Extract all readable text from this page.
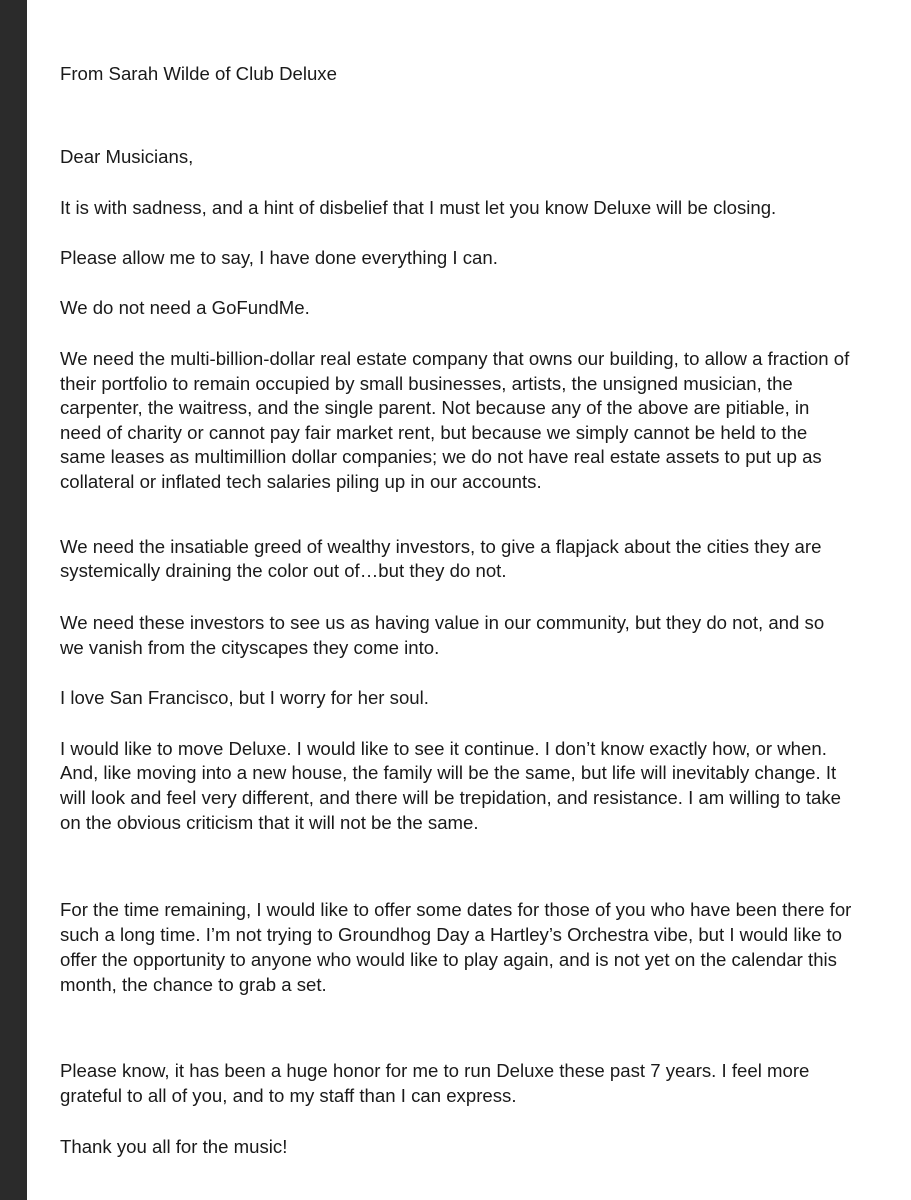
From Sarah Wilde of Club Deluxe
Dear Musicians,
It is with sadness, and a hint of disbelief that I must let you know Deluxe will be closing.
Please allow me to say, I have done everything I can.
We do not need a GoFundMe.
We need the multi-billion-dollar real estate company that owns our building, to allow a fraction of
their portfolio to remain occupied by small businesses, artists, the unsigned musician, the
carpenter, the waitress, and the single parent. Not because any of the above are pitiable, in
need of charity or cannot pay fair market rent, but because we simply cannot be held to the
same leases as multimillion dollar companies; we do not have real estate assets to put up as
collateral or inflated tech salaries piling up in our accounts.
We need the insatiable greed of wealthy investors, to give a flapjack about the cities they are
systemically draining the color out of…but they do not.
We need these investors to see us as having value in our community, but they do not, and so
we vanish from the cityscapes they come into.
I love San Francisco, but I worry for her soul.
I would like to move Deluxe. I would like to see it continue. I don’t know exactly how, or when.
And, like moving into a new house, the family will be the same, but life will inevitably change. It
will look and feel very different, and there will be trepidation, and resistance. I am willing to take
on the obvious criticism that it will not be the same.
For the time remaining, I would like to offer some dates for those of you who have been there for
such a long time. I’m not trying to Groundhog Day a Hartley’s Orchestra vibe, but I would like to
offer the opportunity to anyone who would like to play again, and is not yet on the calendar this
month, the chance to grab a set.
Please know, it has been a huge honor for me to run Deluxe these past 7 years. I feel more
grateful to all of you, and to my staff than I can express.
Thank you all for the music!
